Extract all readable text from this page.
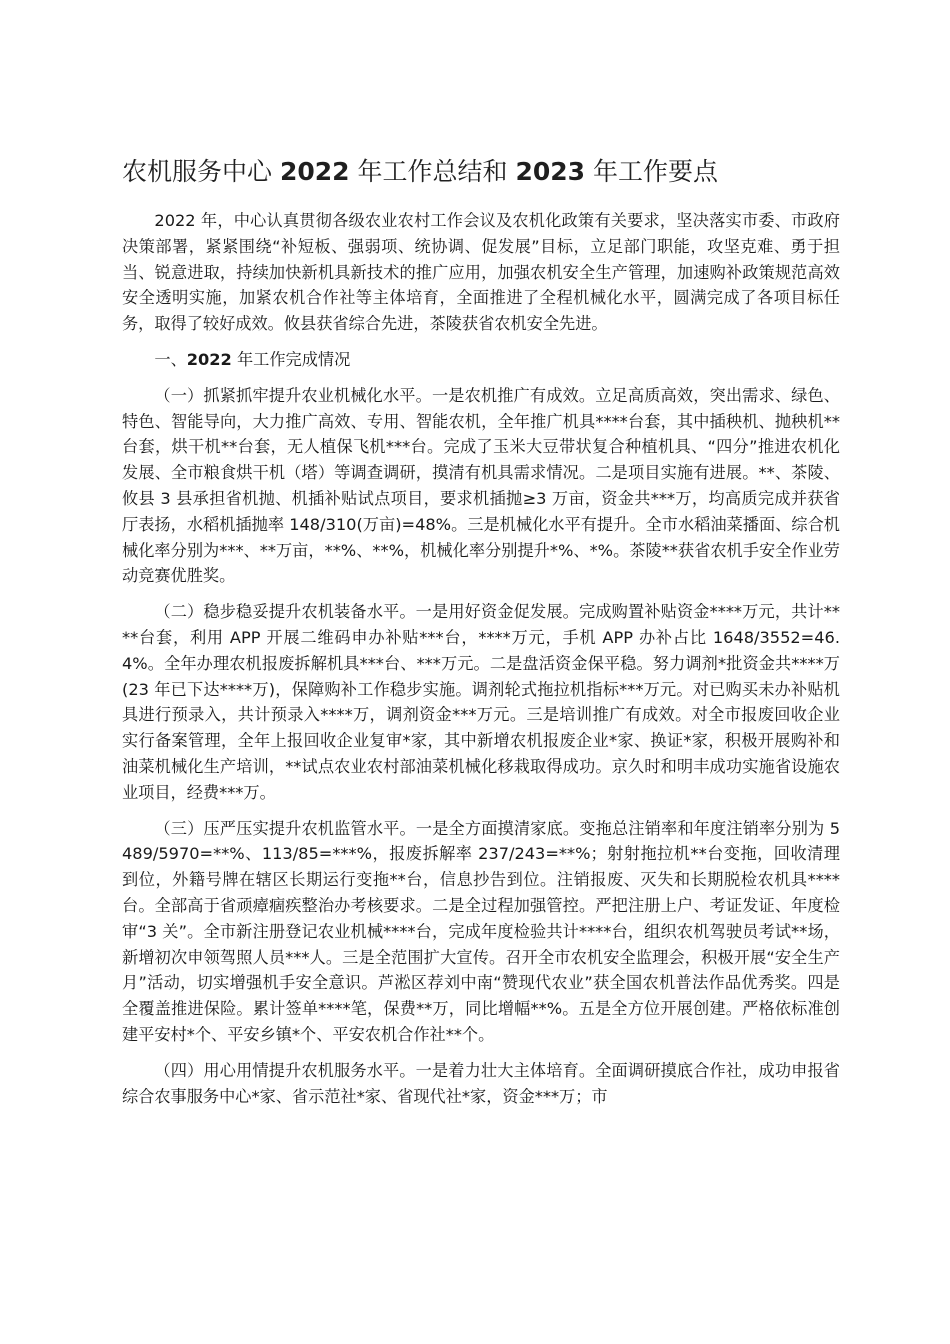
农机服务中心 2022 年工作总结和 2023 年工作要点

2022 年，中心认真贯彻各级农业农村工作会议及农机化政策有关要求，坚决落实市委、市政府决策部署，紧紧围绕“补短板、强弱项、统协调、促发展”目标，立足部门职能，攻坚克难、勇于担当、锐意进取，持续加快新机具新技术的推广应用，加强农机安全生产管理，加速购补政策规范高效安全透明实施，加紧农机合作社等主体培育，全面推进了全程机械化水平，圆满完成了各项目标任务，取得了较好成效。攸县获省综合先进，茶陵获省农机安全先进。

一、2022 年工作完成情况

（一）抓紧抓牢提升农业机械化水平。一是农机推广有成效。立足高质高效，突出需求、绿色、特色、智能导向，大力推广高效、专用、智能农机，全年推广机具****台套，其中插秧机、抛秧机**台套，烘干机**台套，无人植保飞机***台。完成了玉米大豆带状复合种植机具、“四分”推进农机化发展、全市粮食烘干机（塔）等调查调研，摸清有机具需求情况。二是项目实施有进展。**、茶陵、攸县 3 县承担省机抛、机插补贴试点项目，要求机插抛≥3 万亩，资金共***万，均高质完成并获省厅表扬，水稻机插抛率 148/310(万亩)=48%。三是机械化水平有提升。全市水稻油菜播面、综合机械化率分别为***、**万亩，**%、**%，机械化率分别提升*%、*%。茶陵**获省农机手安全作业劳动竞赛优胜奖。

（二）稳步稳妥提升农机装备水平。一是用好资金促发展。完成购置补贴资金****万元，共计****台套，利用 APP 开展二维码申办补贴***台，****万元，手机 APP 办补占比 1648/3552=46.4%。全年办理农机报废拆解机具***台、***万元。二是盘活资金保平稳。努力调剂*批资金共****万(23 年已下达****万)，保障购补工作稳步实施。调剂轮式拖拉机指标***万元。对已购买未办补贴机具进行预录入，共计预录入****万，调剂资金***万元。三是培训推广有成效。对全市报废回收企业实行备案管理，全年上报回收企业复审*家，其中新增农机报废企业*家、换证*家，积极开展购补和油菜机械化生产培训，**试点农业农村部油菜机械化移栽取得成功。京久时和明丰成功实施省设施农业项目，经费***万。

（三）压严压实提升农机监管水平。一是全方面摸清家底。变拖总注销率和年度注销率分别为 5489/5970=**%、113/85=***%，报废拆解率 237/243=**%；射射拖拉机**台变拖，回收清理到位，外籍号牌在辖区长期运行变拖**台，信息抄告到位。注销报废、灭失和长期脱检农机具****台。全部高于省顽瘴痼疾整治办考核要求。二是全过程加强管控。严把注册上户、考证发证、年度检审“3 关”。全市新注册登记农业机械****台，完成年度检验共计****台，组织农机驾驶员考试**场，新增初次申领驾照人员***人。三是全范围扩大宣传。召开全市农机安全监理会，积极开展“安全生产月”活动，切实增强机手安全意识。芦淞区荐刘中南“赞现代农业”获全国农机普法作品优秀奖。四是全覆盖推进保险。累计签单****笔，保费**万，同比增幅**%。五是全方位开展创建。严格依标准创建平安村*个、平安乡镇*个、平安农机合作社**个。

（四）用心用情提升农机服务水平。一是着力壮大主体培育。全面调研摸底合作社，成功申报省综合农事服务中心*家、省示范社*家、省现代社*家，资金***万；市
